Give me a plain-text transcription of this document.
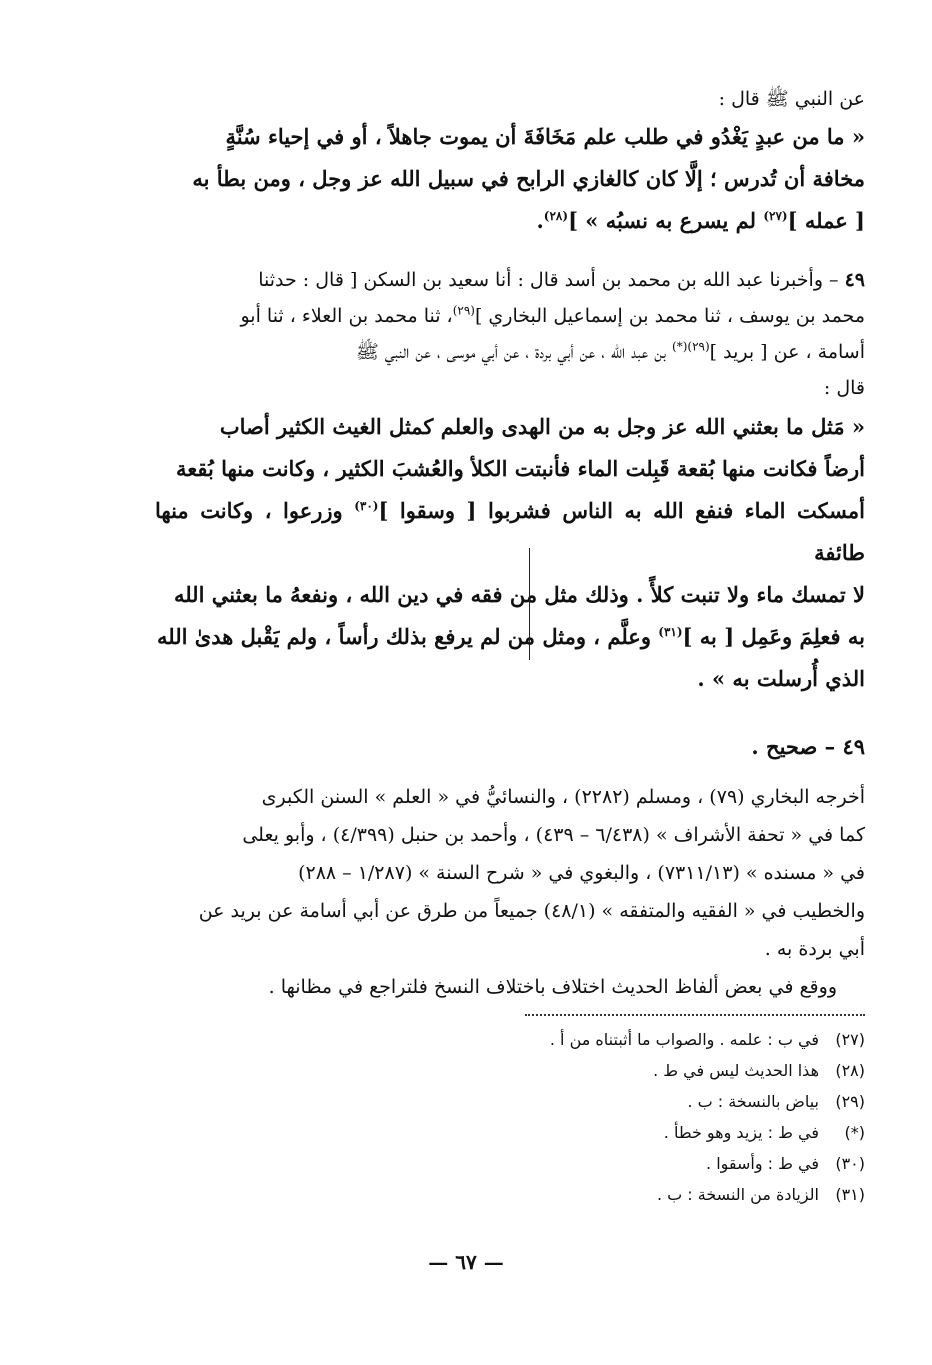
عن النبي ﷺ قال :

« ما من عبدٍ يَغْدُو في طلب علم مَخَافَةَ أن يموت جاهلاً ، أو في إحياء سُنَّةٍ

مخافة أن تُدرس ؛ إلَّا كان كالغازي الرابح في سبيل الله عز وجل ، ومن بطأ به

[ عمله ]$^{(٢٧)}$ لم يسرع به نسبُه » ]$^{(٢٨)}$.

٤٩ – وأخبرنا عبد الله بن محمد بن أسد قال : أنا سعيد بن السكن [ قال : حدثنا

محمد بن يوسف ، ثنا محمد بن إسماعيل البخاري ]$^{(٢٩)}$، ثنا محمد بن العلاء ، ثنا أبو

أسامة ، عن [ بريد ]$^{(٢٩)(*)}$ بن عبد الله ، عن أبي بردة ، عن أبي موسى ، عن النبي ﷺ

قال :

« مَثل ما بعثني الله عز وجل به من الهدى والعلم كمثل الغيث الكثير أصاب

أرضاً فكانت منها بُقعة قَبِلت الماء فأنبتت الكلأ والعُشبَ الكثير ، وكانت منها بُقعة

أمسكت الماء فنفع الله به الناس فشربوا [ وسقوا ]$^{(٣٠)}$ وزرعوا ، وكانت منها طائفة

لا تمسك ماء ولا تنبت كلأً . وذلك مثل من فقه في دين الله ، ونفعهُ ما بعثني الله

به فعلِمَ وعَمِل [ به ]$^{(٣١)}$ وعلَّم ، ومثل من لم يرفع بذلك رأساً ، ولم يَقْبل هدىٰ الله

الذي أُرسلت به » .

٤٩ – صحيح .

أخرجه البخاري (٧٩) ، ومسلم (٢٢٨٢) ، والنسائيُّ في « العلم » السنن الكبرى

كما في « تحفة الأشراف » (٦/٤٣٨ – ٤٣٩) ، وأحمد بن حنبل (٤/٣٩٩) ، وأبو يعلى

في « مسنده » (٧٣١١/١٣) ، والبغوي في « شرح السنة » (١/٢٨٧ – ٢٨٨)

والخطيب في « الفقيه والمتفقه » (٤٨/١) جميعاً من طرق عن أبي أسامة عن بريد عن

أبي بردة به .

ووقع في بعض ألفاظ الحديث اختلاف باختلاف النسخ فلتراجع في مظانها .

(٢٧)في ب : علمه . والصواب ما أثبتناه من أ .
(٢٨)هذا الحديث ليس في ط .
(٢٩)بياض بالنسخة : ب .
(*)في ط : يزيد وهو خطأ .
(٣٠)في ط : وأسقوا .
(٣١)الزيادة من النسخة : ب .
— ٦٧ —
